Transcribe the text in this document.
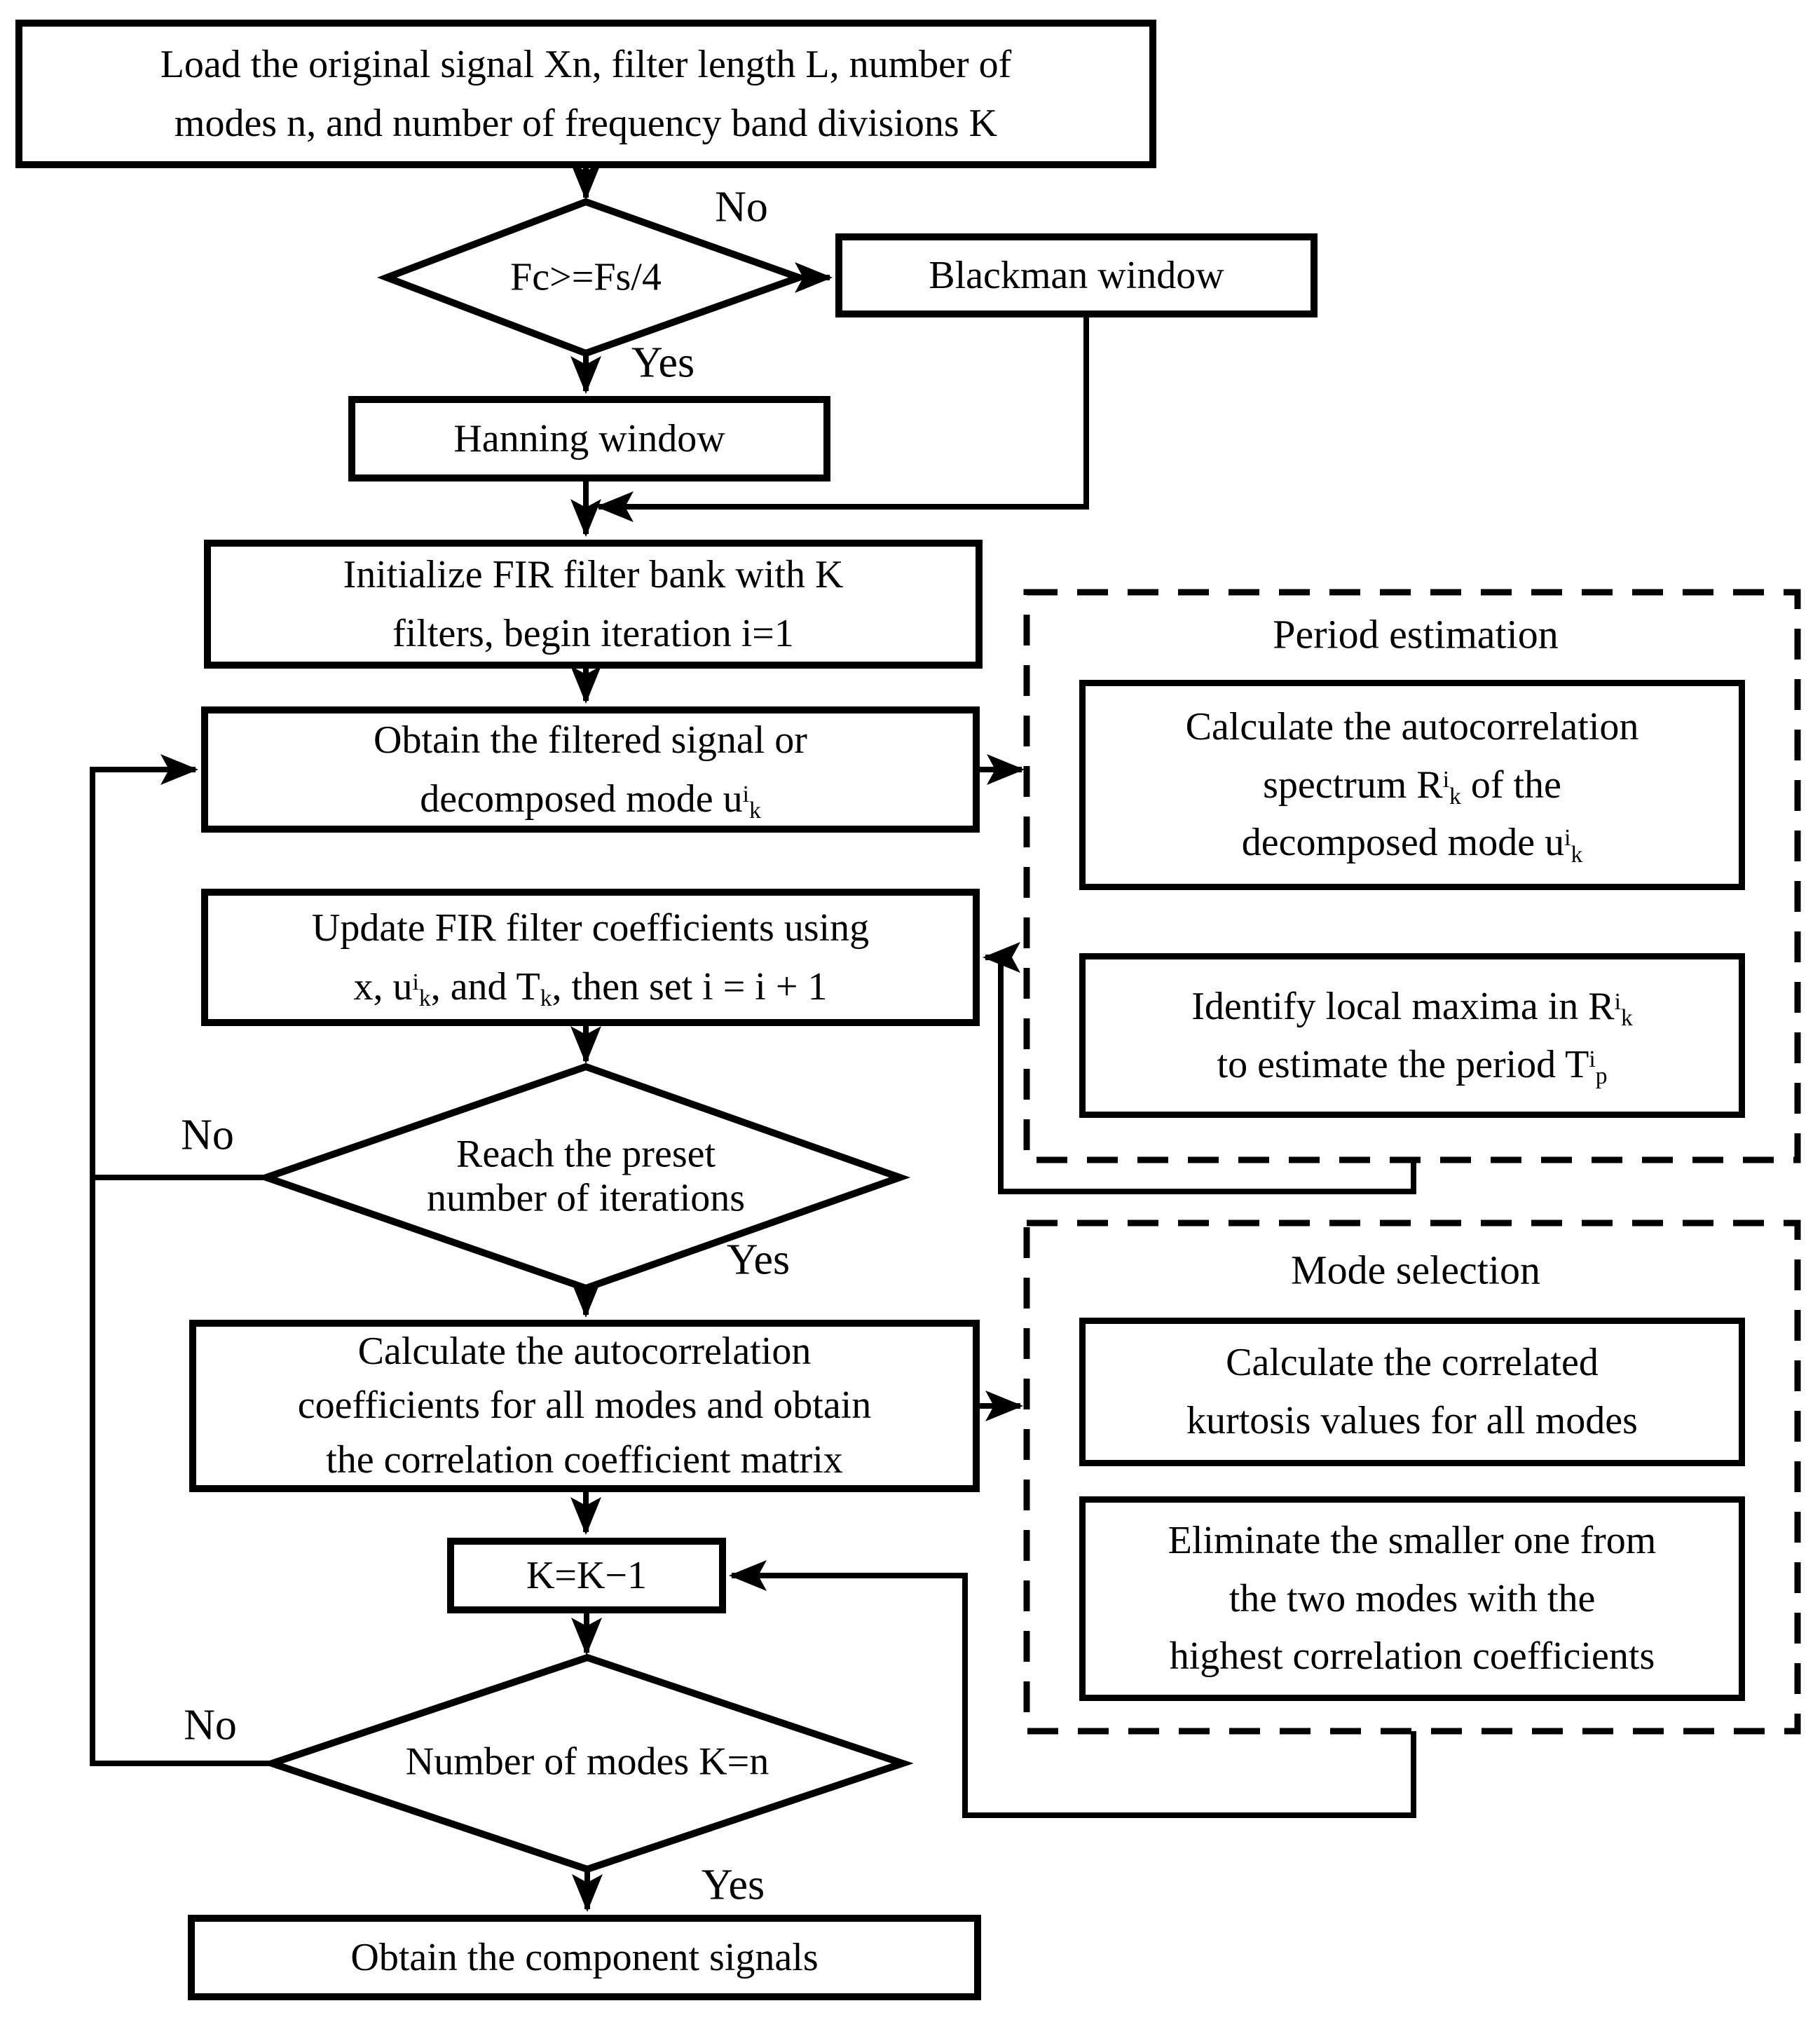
Load the original signal Xn, filter length L, number of
modes n, and number of frequency band divisions K
Blackman window
Hanning window
Initialize FIR filter bank with K
filters, begin iteration i=1
Obtain the filtered signal or
decomposed mode $u^i_k$
Update FIR filter coefficients using
x, $u^i_k$, and $T_k$, then set i = i + 1
Calculate the autocorrelation
coefficients for all modes and obtain
the correlation coefficient matrix
K=K−1
Obtain the component signals
Period estimation
Calculate the autocorrelation
spectrum $R^i_k$ of the
decomposed mode $u^i_k$
Identify local maxima in $R^i_k$
to estimate the period $T^i_p$
Mode selection
Calculate the correlated
kurtosis values for all modes
Eliminate the smaller one from
the two modes with the
highest correlation coefficients
Fc>=Fs/4
Reach the preset
number of iterations
Number of modes K=n
No
Yes
No
Yes
No
Yes
